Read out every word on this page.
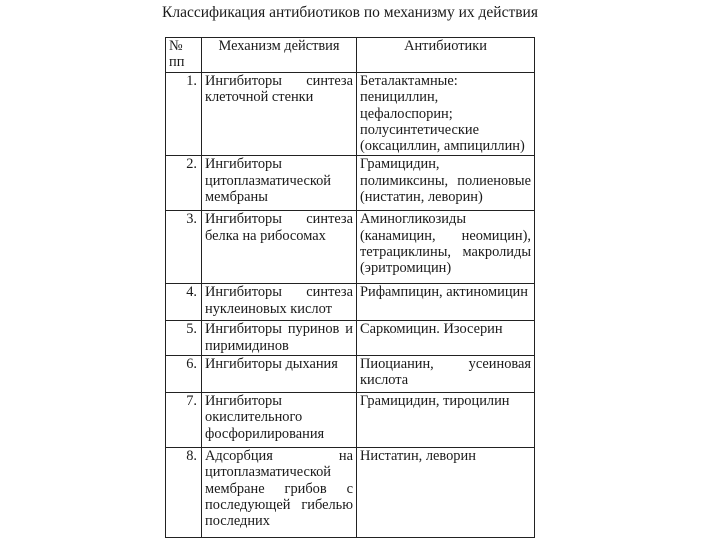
Классификация антибиотиков по механизму их действия
№ пп	Механизм действия	Антибиотики
1.	Ингибиторы синтеза клеточной стенки	Беталактамные: пенициллин, цефалоспорин; полусинтетические (оксациллин, ампициллин)
2.	Ингибиторы цитоплазматической мембраны	Грамицидин, полимиксины, полиеновые (нистатин, леворин)
3.	Ингибиторы синтеза белка на рибосомах	Аминогликозиды (канамицин, неомицин), тетрациклины, макролиды (эритромицин)
4.	Ингибиторы синтеза нуклеиновых кислот	Рифампицин, актиномицин
5.	Ингибиторы пуринов и пиримидинов	Саркомицин. Изосерин
6.	Ингибиторы дыхания	Пиоцианин, усеиновая кислота
7.	Ингибиторы окислительного фосфорилирования	Грамицидин, тироцилин
8.	Адсорбция на цитоплазматической мембране грибов с последующей гибелью последних	Нистатин, леворин
